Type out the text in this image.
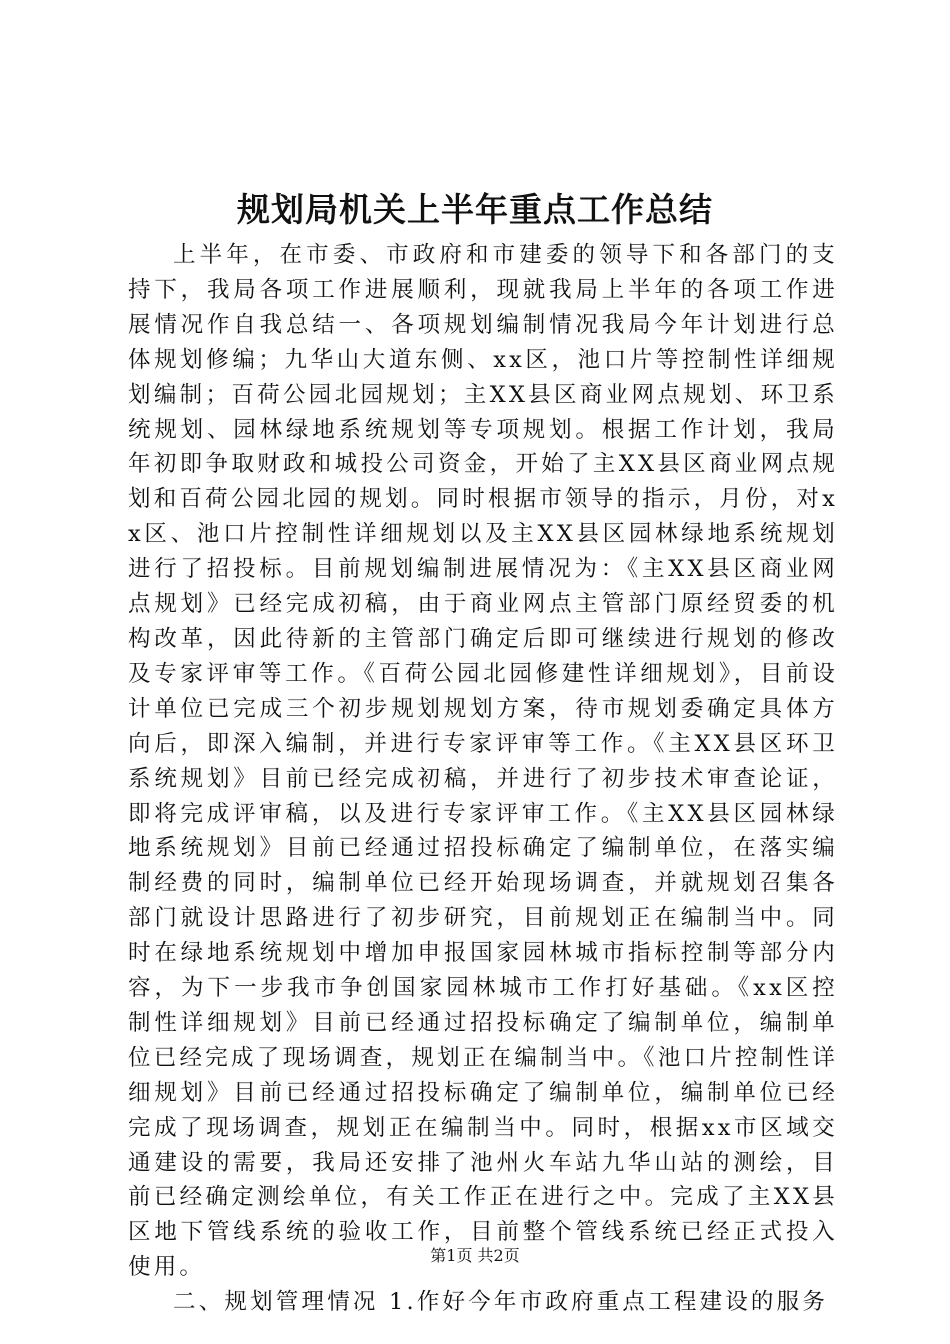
规划局机关上半年重点工作总结

上半年，在市委、市政府和市建委的领导下和各部门的支持下，我局各项工作进展顺利，现就我局上半年的各项工作进展情况作自我总结一、各项规划编制情况我局今年计划进行总体规划修编；九华山大道东侧、xx区，池口片等控制性详细规划编制；百荷公园北园规划；主XX县区商业网点规划、环卫系统规划、园林绿地系统规划等专项规划。根据工作计划，我局年初即争取财政和城投公司资金，开始了主XX县区商业网点规划和百荷公园北园的规划。同时根据市领导的指示，月份，对xx区、池口片控制性详细规划以及主XX县区园林绿地系统规划进行了招投标。目前规划编制进展情况为：《主XX县区商业网点规划》已经完成初稿，由于商业网点主管部门原经贸委的机构改革，因此待新的主管部门确定后即可继续进行规划的修改及专家评审等工作。《百荷公园北园修建性详细规划》，目前设计单位已完成三个初步规划规划方案，待市规划委确定具体方向后，即深入编制，并进行专家评审等工作。《主XX县区环卫系统规划》目前已经完成初稿，并进行了初步技术审查论证，即将完成评审稿，以及进行专家评审工作。《主XX县区园林绿地系统规划》目前已经通过招投标确定了编制单位，在落实编制经费的同时，编制单位已经开始现场调查，并就规划召集各部门就设计思路进行了初步研究，目前规划正在编制当中。同时在绿地系统规划中增加申报国家园林城市指标控制等部分内容，为下一步我市争创国家园林城市工作打好基础。《xx区控制性详细规划》目前已经通过招投标确定了编制单位，编制单位已经完成了现场调查，规划正在编制当中。《池口片控制性详细规划》目前已经通过招投标确定了编制单位，编制单位已经完成了现场调查，规划正在编制当中。同时，根据xx市区域交通建设的需要，我局还安排了池州火车站九华山站的测绘，目前已经确定测绘单位，有关工作正在进行之中。完成了主XX县区地下管线系统的验收工作，目前整个管线系统已经正式投入使用。

二、规划管理情况 1.作好今年市政府重点工程建设的服务

第1页 共2页
